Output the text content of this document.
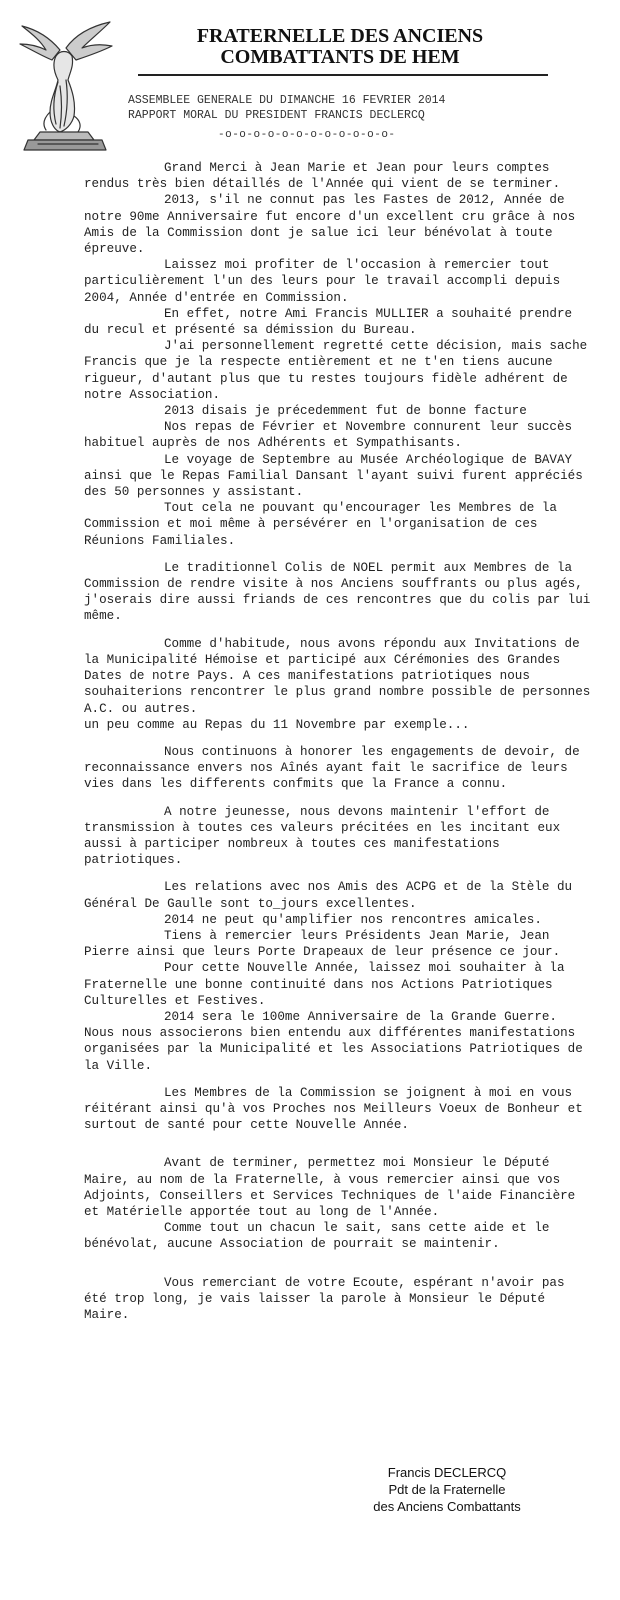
FRATERNELLE DES ANCIENS
COMBATTANTS DE HEM
ASSEMBLEE GENERALE DU DIMANCHE 16 FEVRIER 2014
RAPPORT MORAL DU PRESIDENT FRANCIS DECLERCQ
-o-o-o-o-o-o-o-o-o-o-o-o-

Grand Merci à Jean Marie et Jean pour leurs comptes rendus très bien détaillés de l'Année qui vient de se terminer.

2013, s'il ne connut pas les Fastes de 2012, Année de notre 90me Anniversaire fut encore d'un excellent cru grâce à nos Amis de la Commission dont je salue ici leur bénévolat à toute épreuve.

Laissez moi profiter de l'occasion à remercier tout particulièrement l'un des leurs pour le travail accompli depuis 2004, Année d'entrée en Commission.

En effet, notre Ami Francis MULLIER a souhaité prendre du recul et présenté sa démission du Bureau.

J'ai personnellement regretté cette décision, mais sache Francis que je la respecte entièrement et ne t'en tiens aucune rigueur, d'autant plus que tu restes toujours fidèle adhérent de notre Association.

2013 disais je précedemment fut de bonne facture

Nos repas de Février et Novembre connurent leur succès habituel auprès de nos Adhérents et Sympathisants.

Le voyage de Septembre au Musée Archéologique de BAVAY ainsi que le Repas Familial Dansant l'ayant suivi furent appréciés des 50 personnes y assistant.

Tout cela ne pouvant qu'encourager les Membres de la Commission et moi même à persévérer en l'organisation de ces Réunions Familiales.

Le traditionnel Colis de NOEL permit aux Membres de la Commission de rendre visite à nos Anciens souffrants ou plus agés, j'oserais dire aussi friands de ces rencontres que du colis par lui même.

Comme d'habitude, nous avons répondu aux Invitations de la Municipalité Hémoise et participé aux Cérémonies des Grandes Dates de notre Pays. A ces manifestations patriotiques nous souhaiterions rencontrer le plus grand nombre possible de personnes A.C. ou autres.

un peu comme au Repas du 11 Novembre par exemple...

Nous continuons à honorer les engagements de devoir, de reconnaissance envers nos Aînés ayant fait le sacrifice de leurs vies dans les differents confmits que la France a connu.

A notre jeunesse, nous devons maintenir l'effort de transmission à toutes ces valeurs précitées en les incitant eux aussi à participer nombreux à toutes ces manifestations patriotiques.

Les relations avec nos Amis des ACPG et de la Stèle du Général De Gaulle sont to_jours excellentes.

2014 ne peut qu'amplifier nos rencontres amicales.

Tiens à remercier leurs Présidents Jean Marie, Jean Pierre ainsi que leurs Porte Drapeaux de leur présence ce jour.

Pour cette Nouvelle Année, laissez moi souhaiter à la Fraternelle une bonne continuité dans nos Actions Patriotiques Culturelles et Festives.

2014 sera le 100me Anniversaire de la Grande Guerre.

Nous nous associerons bien entendu aux différentes manifestations organisées par la Municipalité et les Associations Patriotiques de la Ville.

Les Membres de la Commission se joignent à moi en vous réitérant ainsi qu'à vos Proches nos Meilleurs Voeux de Bonheur et surtout de santé pour cette Nouvelle Année.

Avant de terminer, permettez moi Monsieur le Député Maire, au nom de la Fraternelle, à vous remercier ainsi que vos Adjoints, Conseillers et Services Techniques de l'aide Financière et Matérielle apportée tout au long de l'Année.

Comme tout un chacun le sait, sans cette aide et le bénévolat, aucune Association de pourrait se maintenir.

Vous remerciant de votre Ecoute, espérant n'avoir pas été trop long, je vais laisser la parole à Monsieur le Député Maire.

Francis DECLERCQ
Pdt de la Fraternelle
des Anciens Combattants
